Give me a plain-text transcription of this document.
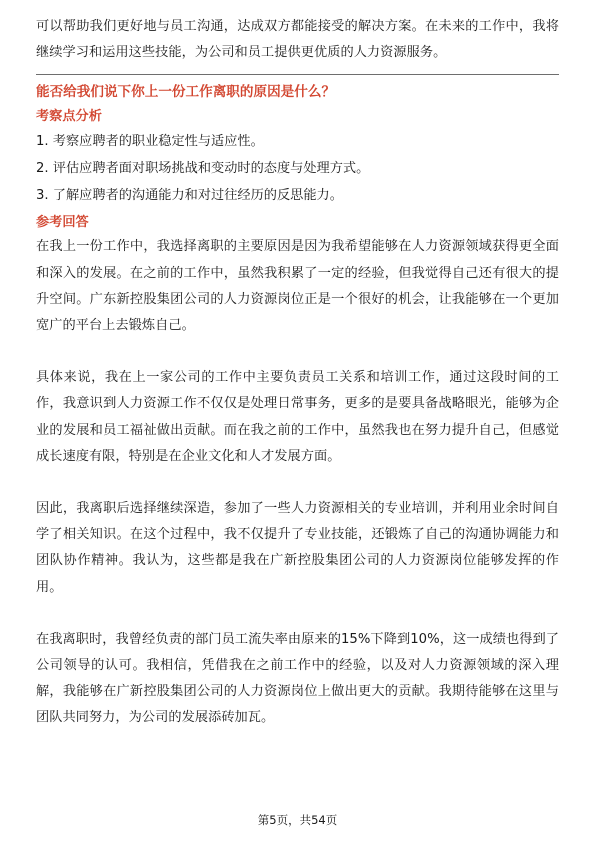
可以帮助我们更好地与员工沟通，达成双方都能接受的解决方案。在未来的工作中，我将继续学习和运用这些技能，为公司和员工提供更优质的人力资源服务。

能否给我们说下你上一份工作离职的原因是什么？

考察点分析

1. 考察应聘者的职业稳定性与适应性。

2. 评估应聘者面对职场挑战和变动时的态度与处理方式。

3. 了解应聘者的沟通能力和对过往经历的反思能力。

参考回答

在我上一份工作中，我选择离职的主要原因是因为我希望能够在人力资源领域获得更全面和深入的发展。在之前的工作中，虽然我积累了一定的经验，但我觉得自己还有很大的提升空间。广东新控股集团公司的人力资源岗位正是一个很好的机会，让我能够在一个更加宽广的平台上去锻炼自己。

具体来说，我在上一家公司的工作中主要负责员工关系和培训工作，通过这段时间的工作，我意识到人力资源工作不仅仅是处理日常事务，更多的是要具备战略眼光，能够为企业的发展和员工福祉做出贡献。而在我之前的工作中，虽然我也在努力提升自己，但感觉成长速度有限，特别是在企业文化和人才发展方面。

因此，我离职后选择继续深造，参加了一些人力资源相关的专业培训，并利用业余时间自学了相关知识。在这个过程中，我不仅提升了专业技能，还锻炼了自己的沟通协调能力和团队协作精神。我认为，这些都是我在广新控股集团公司的人力资源岗位能够发挥的作用。

在我离职时，我曾经负责的部门员工流失率由原来的15%下降到10%，这一成绩也得到了公司领导的认可。我相信，凭借我在之前工作中的经验，以及对人力资源领域的深入理解，我能够在广新控股集团公司的人力资源岗位上做出更大的贡献。我期待能够在这里与团队共同努力，为公司的发展添砖加瓦。

第5页，共54页
